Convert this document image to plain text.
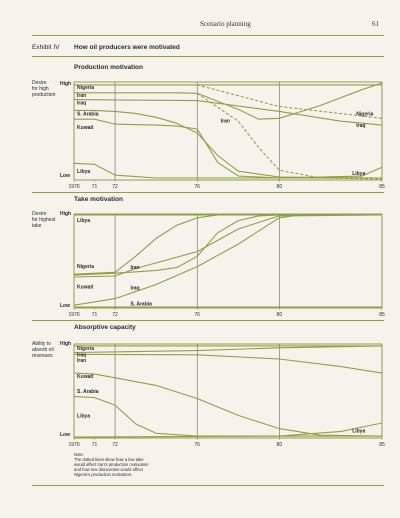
Scenario planning	61
Exhibit IV How oil producers were motivated
Production motivation
Desire
for high
production
High
Low
1970 71	72	76	80	85
Nigeria
Iran
Iraq
S. Arabia
Kuwait
Libya
Iran
Nigeria
Iraq
Libya
Take motivation
Desire
for highest
take
High
Low
1970 71	72	76	80	85
Libya
Nigeria
Kuwait
Iran
Iraq
S. Arabia
Absorptive capacity
Ability to
absorb oil
revenues
High
Low
1970 71	72	76	80	85
Nigeria
Iraq
Iran
Kuwait
S. Arabia
Libya
Libya
Note:
The dotted lines show how a low take
would affect Iran's production motivation
and how low discoveries would affect
Nigeria's production motivation.
